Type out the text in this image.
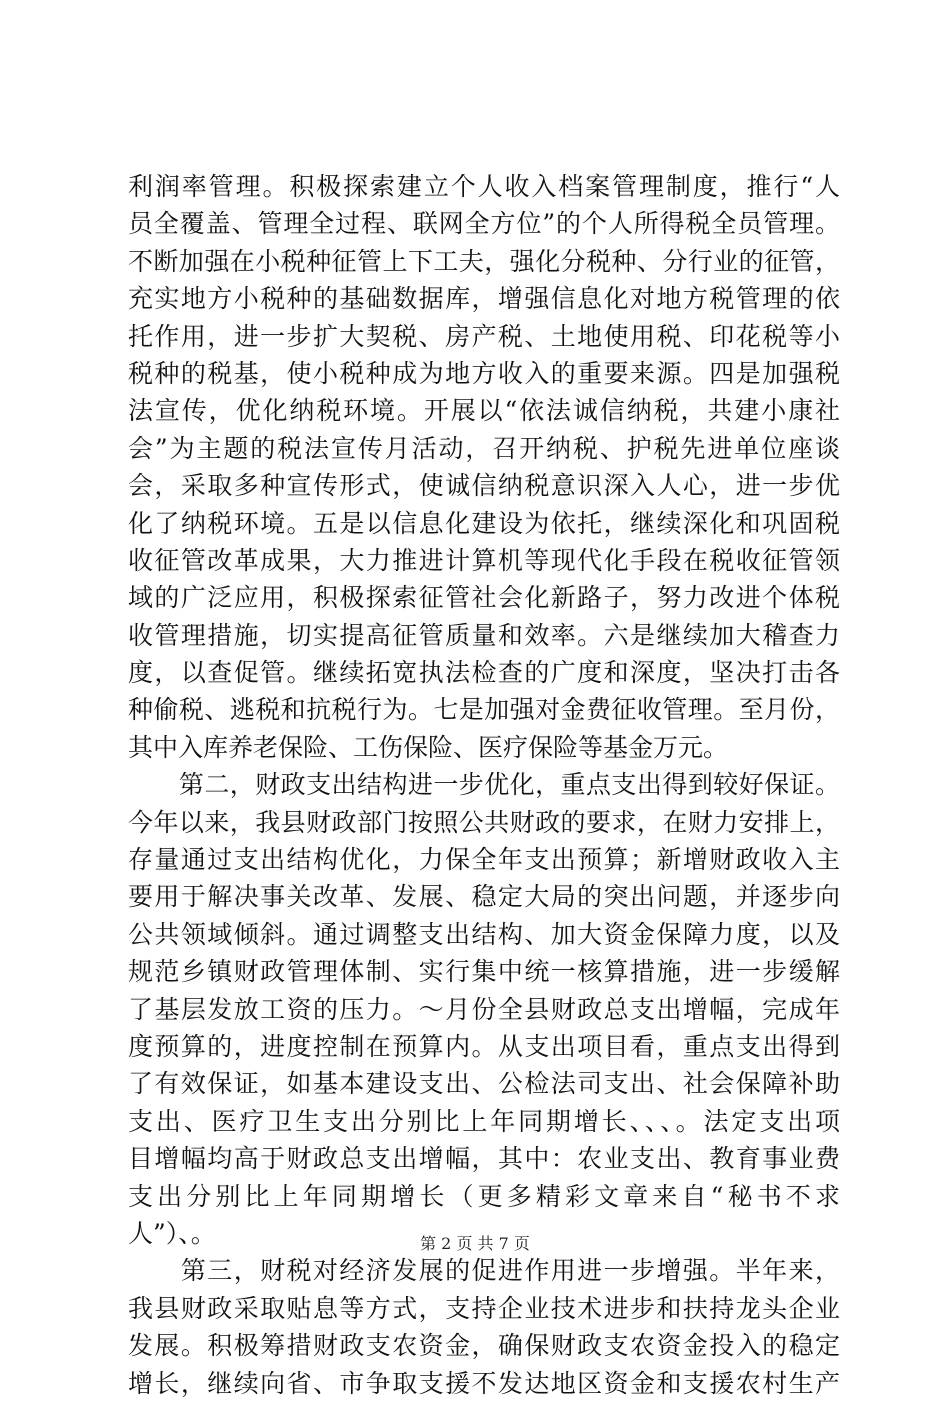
利润率管理。积极探索建立个人收入档案管理制度，推行“人
员全覆盖、管理全过程、联网全方位”的个人所得税全员管理。
不断加强在小税种征管上下工夫，强化分税种、分行业的征管，
充实地方小税种的基础数据库，增强信息化对地方税管理的依
托作用，进一步扩大契税、房产税、土地使用税、印花税等小
税种的税基，使小税种成为地方收入的重要来源。四是加强税
法宣传，优化纳税环境。开展以“依法诚信纳税，共建小康社
会”为主题的税法宣传月活动，召开纳税、护税先进单位座谈
会，采取多种宣传形式，使诚信纳税意识深入人心，进一步优
化了纳税环境。五是以信息化建设为依托，继续深化和巩固税
收征管改革成果，大力推进计算机等现代化手段在税收征管领
域的广泛应用，积极探索征管社会化新路子，努力改进个体税
收管理措施，切实提高征管质量和效率。六是继续加大稽查力
度，以查促管。继续拓宽执法检查的广度和深度，坚决打击各
种偷税、逃税和抗税行为。七是加强对金费征收管理。至月份，
其中入库养老保险、工伤保险、医疗保险等基金万元。
　　第二，财政支出结构进一步优化，重点支出得到较好保证。
今年以来，我县财政部门按照公共财政的要求，在财力安排上，
存量通过支出结构优化，力保全年支出预算；新增财政收入主
要用于解决事关改革、发展、稳定大局的突出问题，并逐步向
公共领域倾斜。通过调整支出结构、加大资金保障力度，以及
规范乡镇财政管理体制、实行集中统一核算措施，进一步缓解
了基层发放工资的压力。～月份全县财政总支出增幅，完成年
度预算的，进度控制在预算内。从支出项目看，重点支出得到
了有效保证，如基本建设支出、公检法司支出、社会保障补助
支出、医疗卫生支出分别比上年同期增长、、、。法定支出项
目增幅均高于财政总支出增幅，其中：农业支出、教育事业费
支出分别比上年同期增长（更多精彩文章来自“秘书不求
人”）、。
　　第三，财税对经济发展的促进作用进一步增强。半年来，
我县财政采取贴息等方式，支持企业技术进步和扶持龙头企业
发展。积极筹措财政支农资金，确保财政支农资金投入的稳定
增长，继续向省、市争取支援不发达地区资金和支援农村生产
第 2 页 共 7 页
